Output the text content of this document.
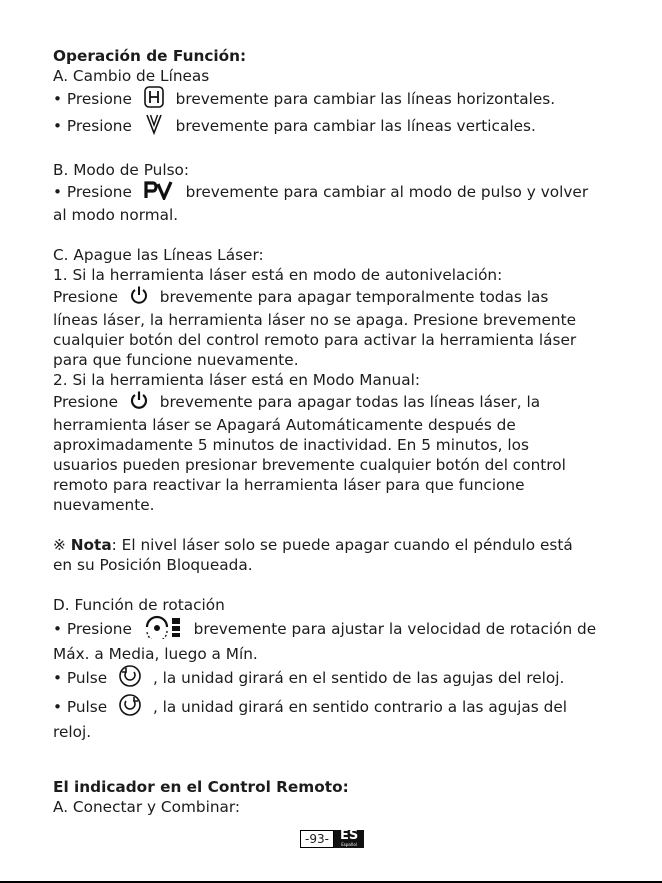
Operación de Función:
A. Cambio de Líneas
• Presione	brevemente para cambiar las líneas horizontales.
• Presione	brevemente para cambiar las líneas verticales.
B. Modo de Pulso:
• Presione	brevemente para cambiar al modo de pulso y volver
al modo normal.
C. Apague las Líneas Láser:
1. Si la herramienta láser está en modo de autonivelación:
Presione	brevemente para apagar temporalmente todas las
líneas láser, la herramienta láser no se apaga. Presione brevemente
cualquier botón del control remoto para activar la herramienta láser
para que funcione nuevamente.
2. Si la herramienta láser está en Modo Manual:
Presione	brevemente para apagar todas las líneas láser, la
herramienta láser se Apagará Automáticamente después de
aproximadamente 5 minutos de inactividad. En 5 minutos, los
usuarios pueden presionar brevemente cualquier botón del control
remoto para reactivar la herramienta láser para que funcione
nuevamente.
※ Nota: El nivel láser solo se puede apagar cuando el péndulo está
en su Posición Bloqueada.
D. Función de rotación
• Presione	brevemente para ajustar la velocidad de rotación de
Máx. a Media, luego a Mín.
• Pulse	, la unidad girará en el sentido de las agujas del reloj.
• Pulse	, la unidad girará en sentido contrario a las agujas del
reloj.
El indicador en el Control Remoto:
A. Conectar y Combinar:
-93- ES
Español
